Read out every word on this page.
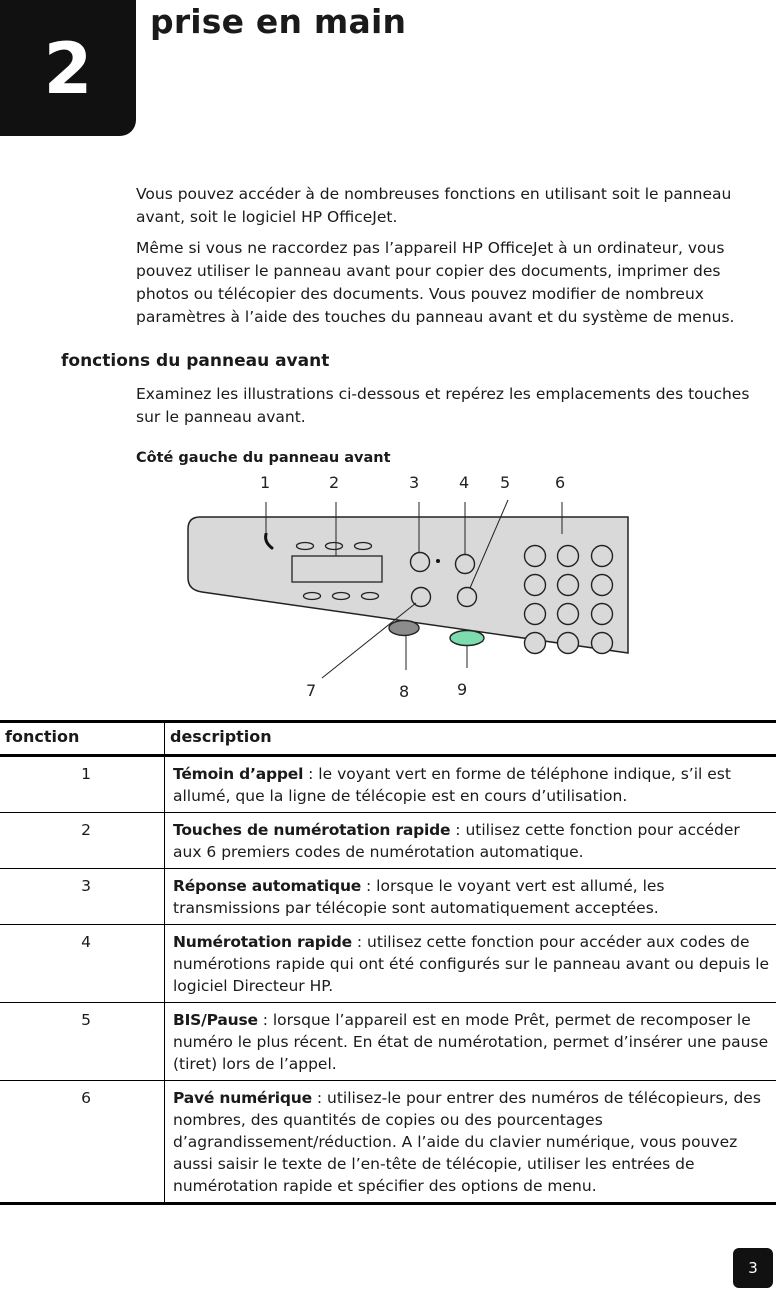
2
prise en main

Vous pouvez accéder à de nombreuses fonctions en utilisant soit le panneau avant, soit le logiciel HP OfficeJet.

Même si vous ne raccordez pas l’appareil HP OfficeJet à un ordinateur, vous pouvez utiliser le panneau avant pour copier des documents, imprimer des photos ou télécopier des documents. Vous pouvez modifier de nombreux paramètres à l’aide des touches du panneau avant et du système de menus.

fonctions du panneau avant

Examinez les illustrations ci-dessous et repérez les emplacements des touches sur le panneau avant.

Côté gauche du panneau avant

1	2	3 4 5	6
7	8	9
fonction	description
1	Témoin d’appel : le voyant vert en forme de téléphone indique, s’il est allumé, que la ligne de télécopie est en cours d’utilisation.
2	Touches de numérotation rapide : utilisez cette fonction pour accéder aux 6 premiers codes de numérotation automatique.
3	Réponse automatique : lorsque le voyant vert est allumé, les transmissions par télécopie sont automatiquement acceptées.
4	Numérotation rapide : utilisez cette fonction pour accéder aux codes de numérotions rapide qui ont été configurés sur le panneau avant ou depuis le logiciel Directeur HP.
5	BIS/Pause : lorsque l’appareil est en mode Prêt, permet de recomposer le numéro le plus récent. En état de numérotation, permet d’insérer une pause (tiret) lors de l’appel.
6	Pavé numérique : utilisez-le pour entrer des numéros de télécopieurs, des nombres, des quantités de copies ou des pourcentages d’agrandissement/réduction. A l’aide du clavier numérique, vous pouvez aussi saisir le texte de l’en-tête de télécopie, utiliser les entrées de numérotation rapide et spécifier des options de menu.
3
